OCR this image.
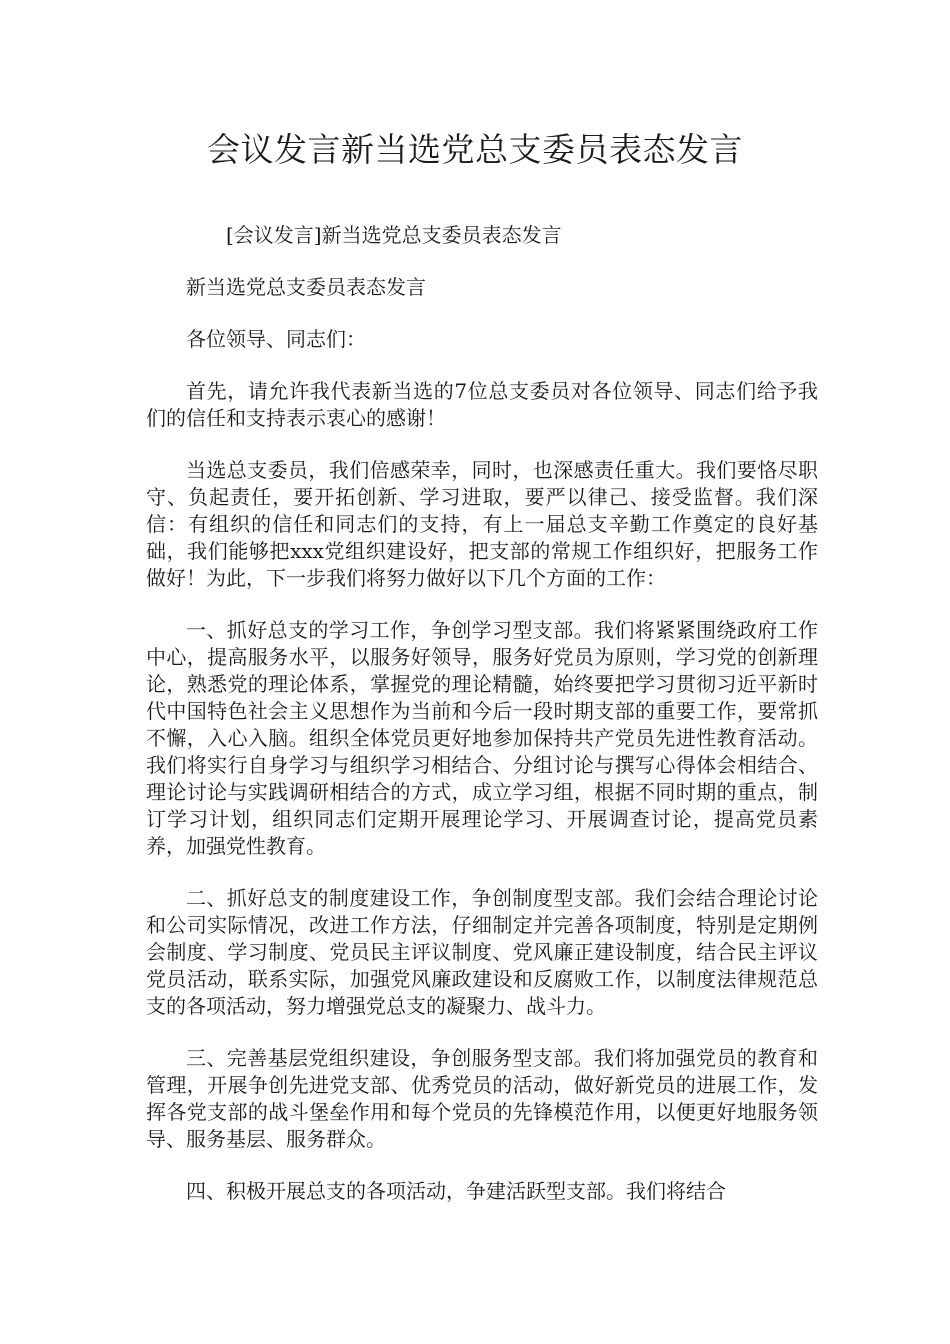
会议发言新当选党总支委员表态发言

[会议发言]新当选党总支委员表态发言

新当选党总支委员表态发言

各位领导、同志们：

首先，请允许我代表新当选的7位总支委员对各位领导、同志们给予我们的信任和支持表示衷心的感谢！

当选总支委员，我们倍感荣幸，同时，也深感责任重大。我们要恪尽职守、负起责任，要开拓创新、学习进取，要严以律己、接受监督。我们深信：有组织的信任和同志们的支持，有上一届总支辛勤工作奠定的良好基础，我们能够把xxx党组织建设好，把支部的常规工作组织好，把服务工作做好！为此，下一步我们将努力做好以下几个方面的工作：

一、抓好总支的学习工作，争创学习型支部。我们将紧紧围绕政府工作中心，提高服务水平，以服务好领导，服务好党员为原则，学习党的创新理论，熟悉党的理论体系，掌握党的理论精髓，始终要把学习贯彻习近平新时代中国特色社会主义思想作为当前和今后一段时期支部的重要工作，要常抓不懈，入心入脑。组织全体党员更好地参加保持共产党员先进性教育活动。我们将实行自身学习与组织学习相结合、分组讨论与撰写心得体会相结合、理论讨论与实践调研相结合的方式，成立学习组，根据不同时期的重点，制订学习计划，组织同志们定期开展理论学习、开展调查讨论，提高党员素养，加强党性教育。

二、抓好总支的制度建设工作，争创制度型支部。我们会结合理论讨论和公司实际情况，改进工作方法，仔细制定并完善各项制度，特别是定期例会制度、学习制度、党员民主评议制度、党风廉正建设制度，结合民主评议党员活动，联系实际，加强党风廉政建设和反腐败工作，以制度法律规范总支的各项活动，努力增强党总支的凝聚力、战斗力。

三、完善基层党组织建设，争创服务型支部。我们将加强党员的教育和管理，开展争创先进党支部、优秀党员的活动，做好新党员的进展工作，发挥各党支部的战斗堡垒作用和每个党员的先锋模范作用，以便更好地服务领导、服务基层、服务群众。

四、积极开展总支的各项活动，争建活跃型支部。我们将结合
